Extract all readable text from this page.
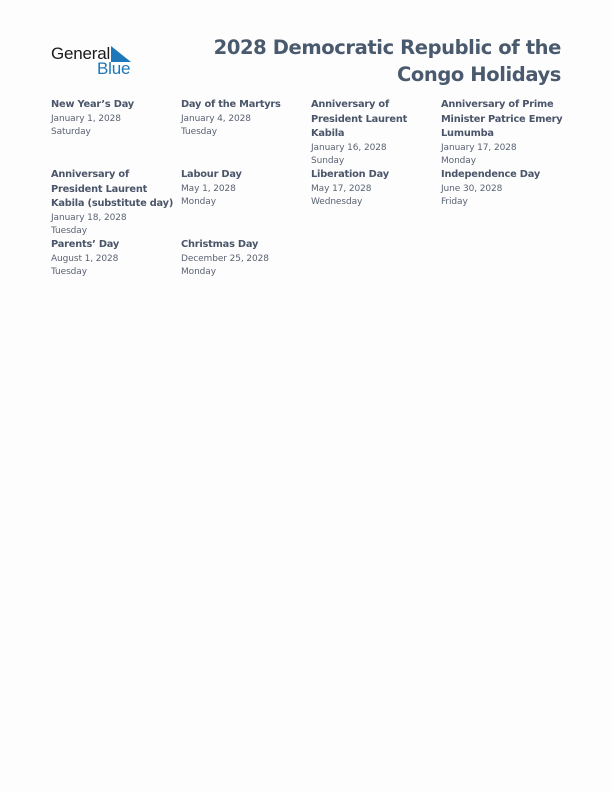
General
Blue
2028 Democratic Republic of the Congo Holidays
New Year’s Day
January 1, 2028
Saturday
Day of the Martyrs
January 4, 2028
Tuesday
Anniversary of President Laurent Kabila
January 16, 2028
Sunday
Anniversary of Prime Minister Patrice Emery Lumumba
January 17, 2028
Monday
Anniversary of President Laurent Kabila (substitute day)
January 18, 2028
Tuesday
Labour Day
May 1, 2028
Monday
Liberation Day
May 17, 2028
Wednesday
Independence Day
June 30, 2028
Friday
Parents’ Day
August 1, 2028
Tuesday
Christmas Day
December 25, 2028
Monday
